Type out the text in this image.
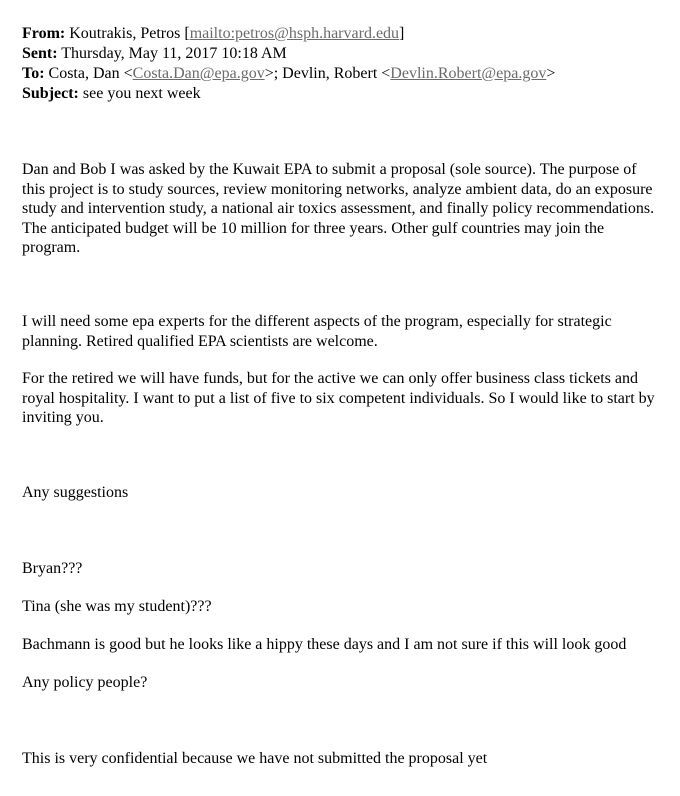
From: Koutrakis, Petros [mailto:petros@hsph.harvard.edu]
Sent: Thursday, May 11, 2017 10:18 AM
To: Costa, Dan <Costa.Dan@epa.gov>; Devlin, Robert <Devlin.Robert@epa.gov>
Subject: see you next week

Dan and Bob I was asked by the Kuwait EPA to submit a proposal (sole source). The purpose of this project is to study sources, review monitoring networks, analyze ambient data, do an exposure study and intervention study, a national air toxics assessment, and finally policy recommendations. The anticipated budget will be 10 million for three years. Other gulf countries may join the program.

I will need some epa experts for the different aspects of the program, especially for strategic planning. Retired qualified EPA scientists are welcome.

For the retired we will have funds, but for the active we can only offer business class tickets and royal hospitality. I want to put a list of five to six competent individuals. So I would like to start by inviting you.

Any suggestions

Bryan???

Tina (she was my student)???

Bachmann is good but he looks like a hippy these days and I am not sure if this will look good

Any policy people?

This is very confidential because we have not submitted the proposal yet
